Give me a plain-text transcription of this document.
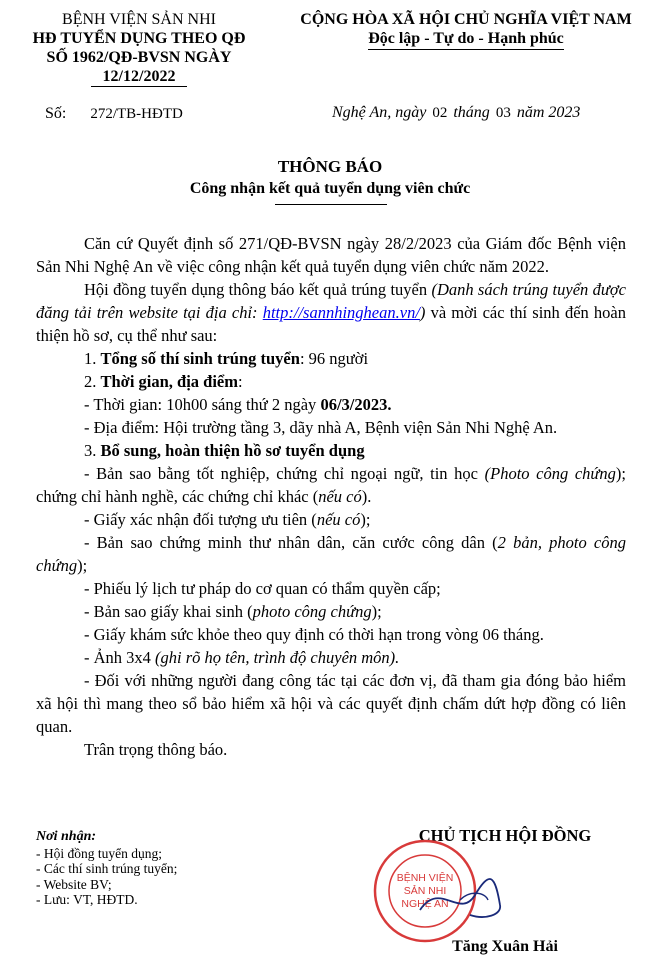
BỆNH VIỆN SẢN NHI
HĐ TUYỂN DỤNG THEO QĐ
SỐ 1962/QĐ-BVSN NGÀY
12/12/2022
Số: 272/TB-HĐTD
CỘNG HÒA XÃ HỘI CHỦ NGHĨA VIỆT NAM
Độc lập - Tự do - Hạnh phúc
Nghệ An, ngày 02 tháng 03 năm 2023
THÔNG BÁO
Công nhận kết quả tuyển dụng viên chức

Căn cứ Quyết định số 271/QĐ-BVSN ngày 28/2/2023 của Giám đốc Bệnh viện Sản Nhi Nghệ An về việc công nhận kết quả tuyển dụng viên chức năm 2022.

Hội đồng tuyển dụng thông báo kết quả trúng tuyển (Danh sách trúng tuyển được đăng tải trên website tại địa chỉ: http://sannhinghean.vn/) và mời các thí sinh đến hoàn thiện hồ sơ, cụ thể như sau:

1. Tổng số thí sinh trúng tuyển: 96 người

2. Thời gian, địa điểm:

- Thời gian: 10h00 sáng thứ 2 ngày 06/3/2023.

- Địa điểm: Hội trường tầng 3, dãy nhà A, Bệnh viện Sản Nhi Nghệ An.

3. Bổ sung, hoàn thiện hồ sơ tuyển dụng

- Bản sao bằng tốt nghiệp, chứng chỉ ngoại ngữ, tin học (Photo công chứng); chứng chỉ hành nghề, các chứng chỉ khác (nếu có).

- Giấy xác nhận đối tượng ưu tiên (nếu có);

- Bản sao chứng minh thư nhân dân, căn cước công dân (2 bản, photo công chứng);

- Phiếu lý lịch tư pháp do cơ quan có thẩm quyền cấp;

- Bản sao giấy khai sinh (photo công chứng);

- Giấy khám sức khỏe theo quy định có thời hạn trong vòng 06 tháng.

- Ảnh 3x4 (ghi rõ họ tên, trình độ chuyên môn).

- Đối với những người đang công tác tại các đơn vị, đã tham gia đóng bảo hiểm xã hội thì mang theo sổ bảo hiểm xã hội và các quyết định chấm dứt hợp đồng có liên quan.

Trân trọng thông báo.

Nơi nhận:
- Hội đồng tuyển dụng;
- Các thí sinh trúng tuyển;
- Website BV;
- Lưu: VT, HĐTD.
CHỦ TỊCH HỘI ĐỒNG
BỆNH VIỆN
SẢN NHI
NGHỆ AN
Tăng Xuân Hải
